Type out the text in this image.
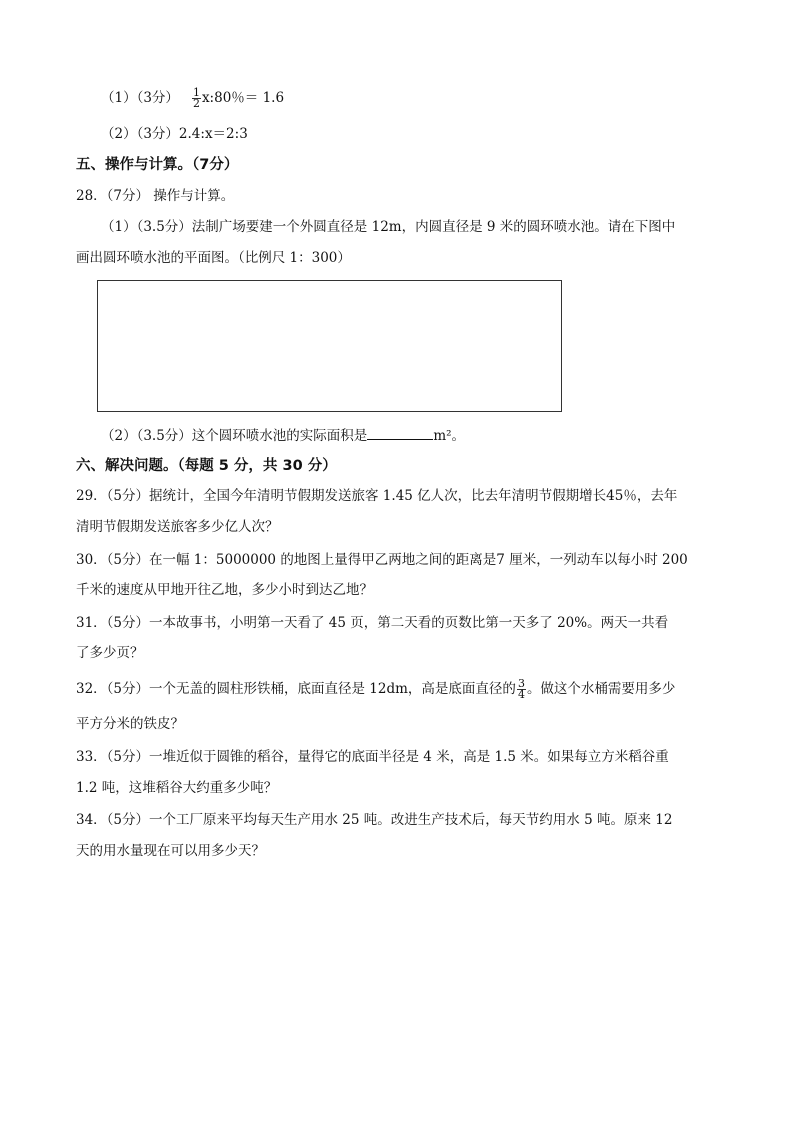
（1）（3分） $\frac{1}{2}$ x:80％＝ 1.6
（2）（3分）2.4:x＝2:3
五、操作与计算。（7分）
28．（7分） 操作与计算。
（1）（3.5分）法制广场要建一个外圆直径是 12m，内圆直径是 9 米的圆环喷水池。请在下图中
画出圆环喷水池的平面图。（比例尺 1：300）
（2）（3.5分）这个圆环喷水池的实际面积是	m²。
六、解决问题。（每题 5 分，共 30 分）
29．（5分）据统计，全国今年清明节假期发送旅客 1.45 亿人次，比去年清明节假期增长45％，去年
清明节假期发送旅客多少亿人次？
30．（5分）在一幅 1：5000000 的地图上量得甲乙两地之间的距离是7 厘米，一列动车以每小时 200
千米的速度从甲地开往乙地，多少小时到达乙地？
31．（5分）一本故事书，小明第一天看了 45 页，第二天看的页数比第一天多了 20%。两天一共看
了多少页？
32．（5分）一个无盖的圆柱形铁桶，底面直径是 12dm，高是底面直径的 $\frac{3}{4}$ 。做这个水桶需要用多少
平方分米的铁皮？
33．（5分）一堆近似于圆锥的稻谷，量得它的底面半径是 4 米，高是 1.5 米。如果每立方米稻谷重
1.2 吨，这堆稻谷大约重多少吨？
34．（5分）一个工厂原来平均每天生产用水 25 吨。改进生产技术后，每天节约用水 5 吨。原来 12
天的用水量现在可以用多少天？
